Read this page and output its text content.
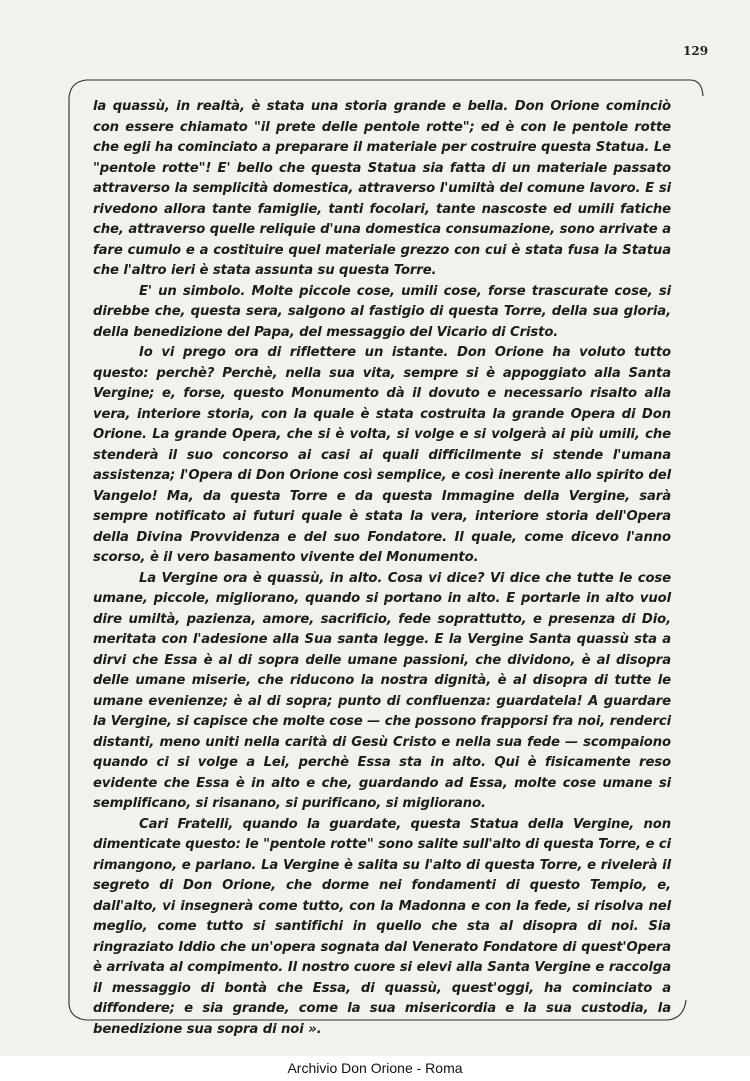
129

la quassù, in realtà, è stata una storia grande e bella. Don Orione cominciò con essere chiamato "il prete delle pentole rotte"; ed è con le pentole rotte che egli ha cominciato a preparare il materiale per costruire questa Statua. Le "pentole rotte"! E' bello che questa Statua sia fatta di un materiale passato attraverso la semplicità domestica, attraverso l'umiltà del comune lavoro. E si rivedono allora tante famiglie, tanti focolari, tante nascoste ed umili fatiche che, attraverso quelle reliquie d'una domestica consumazione, sono arrivate a fare cumulo e a costituire quel materiale grezzo con cui è stata fusa la Statua che l'altro ieri è stata assunta su questa Torre.

E' un simbolo. Molte piccole cose, umili cose, forse trascurate cose, si direbbe che, questa sera, salgono al fastigio di questa Torre, della sua gloria, della benedizione del Papa, del messaggio del Vicario di Cristo.

Io vi prego ora di riflettere un istante. Don Orione ha voluto tutto questo: perchè? Perchè, nella sua vita, sempre si è appoggiato alla Santa Vergine; e, forse, questo Monumento dà il dovuto e necessario risalto alla vera, interiore storia, con la quale è stata costruita la grande Opera di Don Orione. La grande Opera, che si è volta, si volge e si volgerà ai più umili, che stenderà il suo concorso ai casi ai quali difficilmente si stende l'umana assistenza; l'Opera di Don Orione così semplice, e così inerente allo spirito del Vangelo! Ma, da questa Torre e da questa Immagine della Vergine, sarà sempre notificato ai futuri quale è stata la vera, interiore storia dell'Opera della Divina Provvidenza e del suo Fondatore. Il quale, come dicevo l'anno scorso, è il vero basamento vivente del Monumento.

La Vergine ora è quassù, in alto. Cosa vi dice? Vi dice che tutte le cose umane, piccole, migliorano, quando si portano in alto. E portarle in alto vuol dire umiltà, pazienza, amore, sacrificio, fede soprattutto, e presenza di Dio, meritata con l'adesione alla Sua santa legge. E la Vergine Santa quassù sta a dirvi che Essa è al di sopra delle umane passioni, che dividono, è al disopra delle umane miserie, che riducono la nostra dignità, è al disopra di tutte le umane evenienze; è al di sopra; punto di confluenza: guardatela! A guardare la Vergine, si capisce che molte cose — che possono frapporsi fra noi, renderci distanti, meno uniti nella carità di Gesù Cristo e nella sua fede — scompaiono quando ci si volge a Lei, perchè Essa sta in alto. Qui è fisicamente reso evidente che Essa è in alto e che, guardando ad Essa, molte cose umane si semplificano, si risanano, si purificano, si migliorano.

Cari Fratelli, quando la guardate, questa Statua della Vergine, non dimenticate questo: le "pentole rotte" sono salite sull'alto di questa Torre, e ci rimangono, e parlano. La Vergine è salita su l'alto di questa Torre, e rivelerà il segreto di Don Orione, che dorme nei fondamenti di questo Tempio, e, dall'alto, vi insegnerà come tutto, con la Madonna e con la fede, si risolva nel meglio, come tutto si santifichi in quello che sta al disopra di noi. Sia ringraziato Iddio che un'opera sognata dal Venerato Fondatore di quest'Opera è arrivata al compimento. Il nostro cuore si elevi alla Santa Vergine e raccolga il messaggio di bontà che Essa, di quassù, quest'oggi, ha cominciato a diffondere; e sia grande, come la sua misericordia e la sua custodia, la benedizione sua sopra di noi ».

Archivio Don Orione - Roma
